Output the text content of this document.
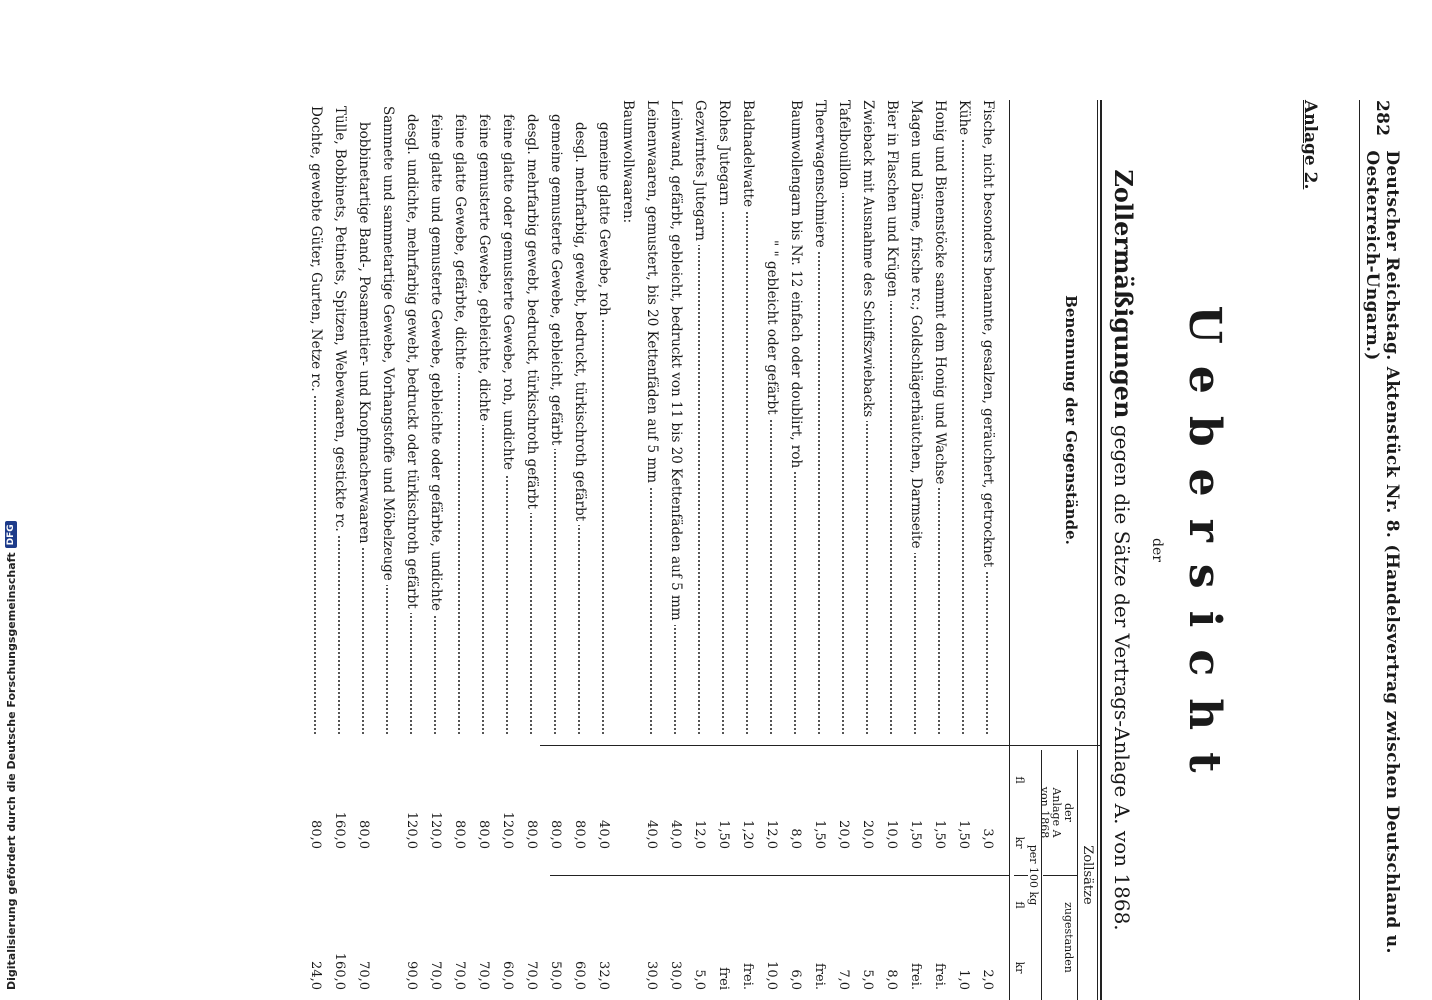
Digitalisierung gefördert durch die Deutsche Forschungsgemeinschaft
DFG
282
Deutscher Reichstag. Aktenstück Nr. 8. (Handelsvertrag zwischen Deutschland u. Oesterreich-Ungarn.)
Anlage 2.
Uebersicht
der
Zollermäßigungen gegen die Sätze der Vertrags-Anlage A. von 1868.
Benennung der Gegenstände.
Zollsätze
der
Anlage A
von 1868
zugestanden
per 100 kg
fl
kr
fl
kr
Fische, nicht besonders benannte, gesalzen, geräuchert, getrocknet
3,0
2,0
Kühe
1,50
1,0
Honig und Bienenstöcke sammt dem Honig und Wachse
1,50
frei.
Magen und Därme, frische rc.; Goldschlägerhäutchen, Darmseite
1,50
frei.
Bier in Flaschen und Krügen
10,0
8,0
Zwieback mit Ausnahme des Schiffszwiebacks
20,0
5,0
Tafelbouillon
20,0
7,0
Theerwagenschmiere
1,50
frei.
Baumwollengarn bis Nr. 12 einfach oder doublirt, roh
8,0
6,0
" " gebleicht oder gefärbt
12,0
10,0
Baldnadelwatte
1,20
frei.
Rohes Jutegarn
1,50
frei
Gezwirntes Jutegarn
12,0
5,0
Leinwand, gefärbt, gebleicht, bedruckt von 11 bis 20 Kettenfäden auf 5 mm
40,0
30,0
Leinenwaaren, gemustert, bis 20 Kettenfäden auf 5 mm
40,0
30,0
Baumwollwaaren:
gemeine glatte Gewebe, roh
40,0
32,0
desgl. mehrfarbig, gewebt, bedruckt, türkischroth gefärbt
80,0
60,0
gemeine gemusterte Gewebe, gebleicht, gefärbt
80,0
50,0
desgl. mehrfarbig gewebt, bedruckt, türkischroth gefärbt
80,0
70,0
feine glatte oder gemusterte Gewebe, roh, undichte
120,0
60,0
feine gemusterte Gewebe, gebleichte, dichte
80,0
70,0
feine glatte Gewebe, gefärbte, dichte
80,0
70,0
feine glatte und gemusterte Gewebe, gebleichte oder gefärbte, undichte
120,0
70,0
desgl. undichte, mehrfarbig gewebt, bedruckt oder türkischroth gefärbt
120,0
90,0
Sammete und sammetartige Gewebe, Vorhangstoffe und Möbelzeuge
bobbinetartige Band-, Posamentier- und Knopfmacherwaaren
80,0
70,0
Tülle, Bobbinets, Petinets, Spitzen, Webewaaren, gestickte rc.
160,0
160,0
Dochte, gewebte Güter, Gurten, Netze rc.
80,0
24,0
